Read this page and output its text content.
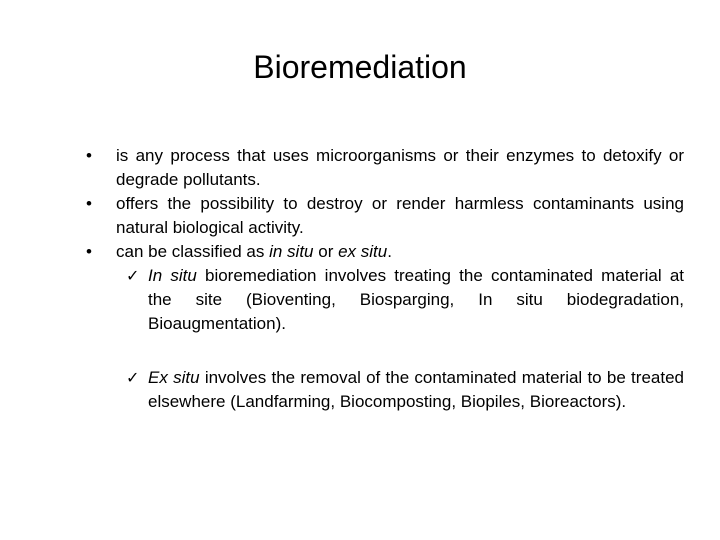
Bioremediation
• is any process that uses microorganisms or their enzymes to detoxify or degrade pollutants.
• offers the possibility to destroy or render harmless contaminants using natural biological activity.
• can be classified as in situ or ex situ.
✓ In situ bioremediation involves treating the contaminated material at the site (Bioventing, Biosparging, In situ biodegradation, Bioaugmentation).
✓ Ex situ involves the removal of the contaminated material to be treated elsewhere (Landfarming, Biocomposting, Biopiles, Bioreactors).
